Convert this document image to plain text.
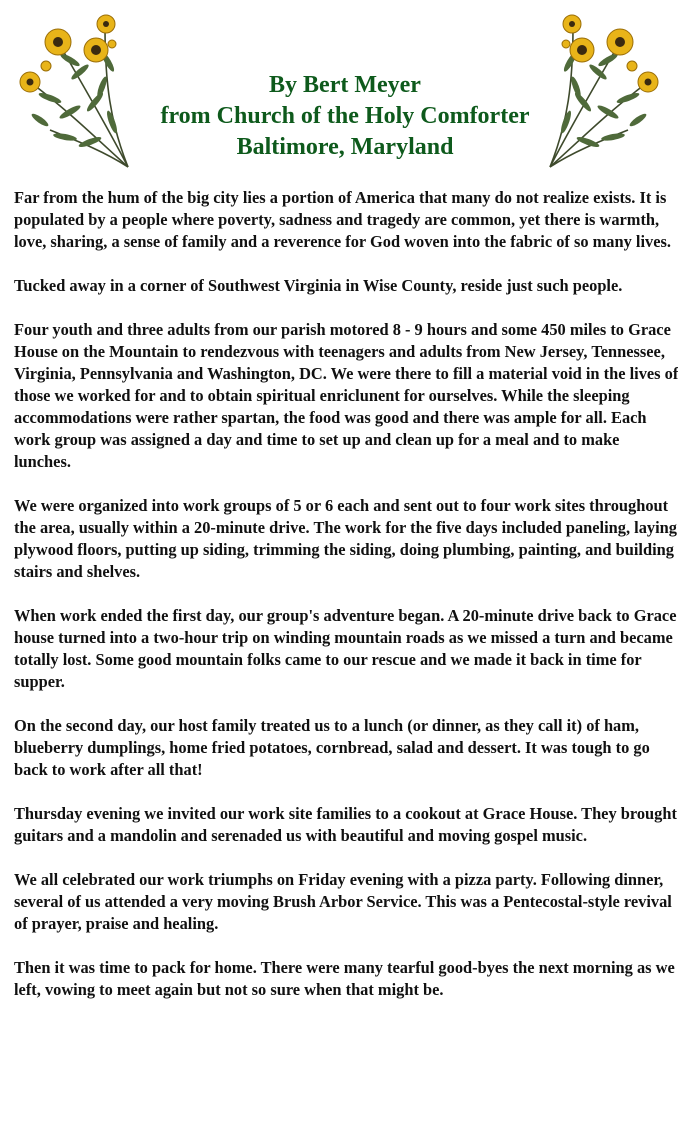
By Bert Meyer
from Church of the Holy Comforter
Baltimore, Maryland

Far from the hum of the big city lies a portion of America that many do not realize exists. It is populated by a people where poverty, sadness and tragedy are common, yet there is warmth, love, sharing, a sense of family and a reverence for God woven into the fabric of so many lives.

Tucked away in a corner of Southwest Virginia in Wise County, reside just such people.

Four youth and three adults from our parish motored 8 - 9 hours and some 450 miles to Grace House on the Mountain to rendezvous with teenagers and adults from New Jersey, Tennessee, Virginia, Pennsylvania and Washington, DC. We were there to fill a material void in the lives of those we worked for and to obtain spiritual enriclunent for ourselves. While the sleeping accommodations were rather spartan, the food was good and there was ample for all. Each work group was assigned a day and time to set up and clean up for a meal and to make lunches.

We were organized into work groups of 5 or 6 each and sent out to four work sites throughout the area, usually within a 20-minute drive. The work for the five days included paneling, laying plywood floors, putting up siding, trimming the siding, doing plumbing, painting, and building stairs and shelves.

When work ended the first day, our group's adventure began. A 20-minute drive back to Grace house turned into a two-hour trip on winding mountain roads as we missed a turn and became totally lost. Some good mountain folks came to our rescue and we made it back in time for supper.

On the second day, our host family treated us to a lunch (or dinner, as they call it) of ham, blueberry dumplings, home fried potatoes, cornbread, salad and dessert. It was tough to go back to work after all that!

Thursday evening we invited our work site families to a cookout at Grace House. They brought guitars and a mandolin and serenaded us with beautiful and moving gospel music.

We all celebrated our work triumphs on Friday evening with a pizza party. Following dinner, several of us attended a very moving Brush Arbor Service. This was a Pentecostal-style revival of prayer, praise and healing.

Then it was time to pack for home. There were many tearful good-byes the next morning as we left, vowing to meet again but not so sure when that might be.
